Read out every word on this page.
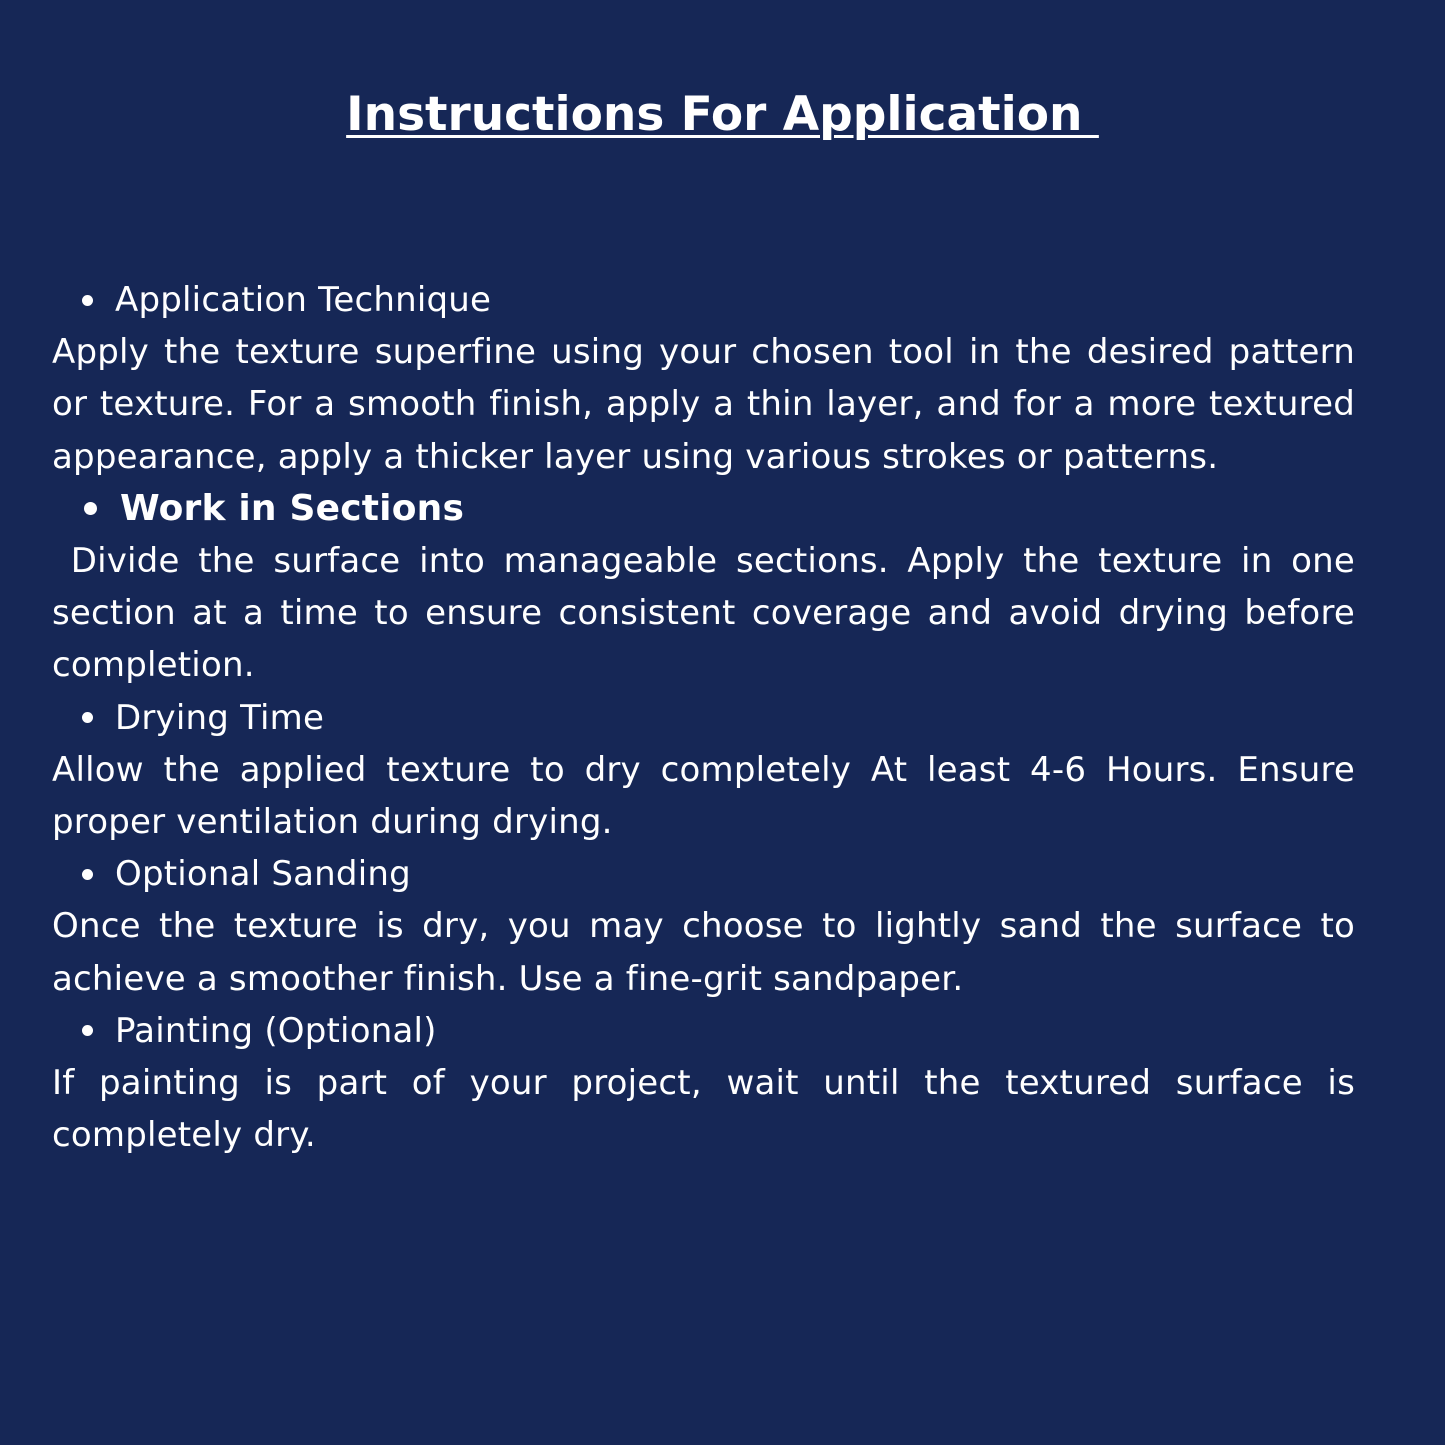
Instructions For Application
Application Technique

Apply the texture superfine using your chosen tool in the desired pattern or texture. For a smooth finish, apply a thin layer, and for a more textured appearance, apply a thicker layer using various strokes or patterns.

Work in Sections

Divide the surface into manageable sections. Apply the texture in one section at a time to ensure consistent coverage and avoid drying before completion.

Drying Time

Allow the applied texture to dry completely At least 4-6 Hours. Ensure proper ventilation during drying.

Optional Sanding

Once the texture is dry, you may choose to lightly sand the surface to achieve a smoother finish. Use a fine-grit sandpaper.

Painting (Optional)

If painting is part of your project, wait until the textured surface is completely dry.
